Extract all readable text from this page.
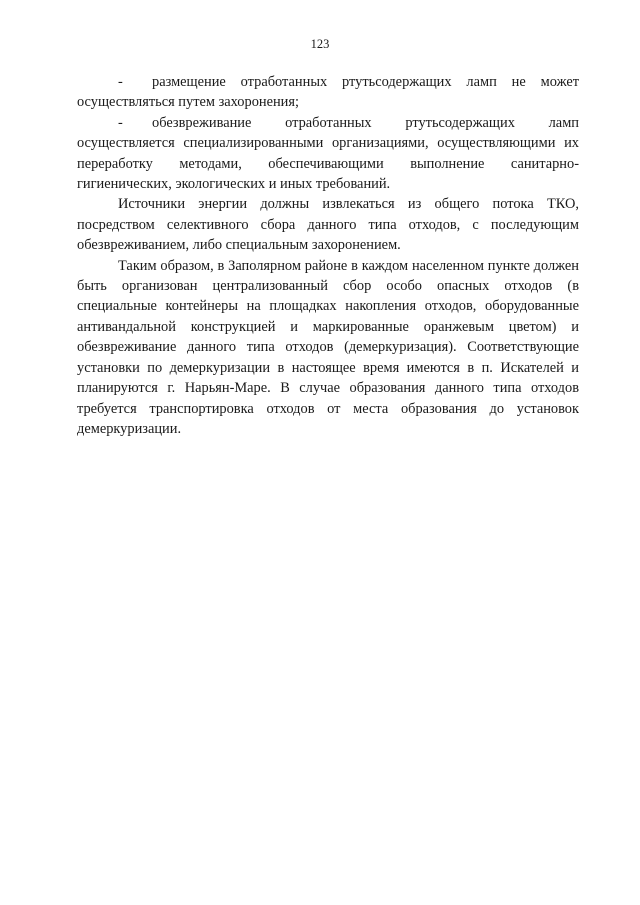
123

- размещение отработанных ртутьсодержащих ламп не может осуществляться путем захоронения;

- обезвреживание отработанных ртутьсодержащих ламп осуществляется специализированными организациями, осуществляющими их переработку методами, обеспечивающими выполнение санитарно-гигиенических, экологических и иных требований.

Источники энергии должны извлекаться из общего потока ТКО, посредством селективного сбора данного типа отходов, с последующим обезвреживанием, либо специальным захоронением.

Таким образом, в Заполярном районе в каждом населенном пункте должен быть организован централизованный сбор особо опасных отходов (в специальные контейнеры на площадках накопления отходов, оборудованные антивандальной конструкцией и маркированные оранжевым цветом) и обезвреживание данного типа отходов (демеркуризация). Соответствующие установки по демеркуризации в настоящее время имеются в п. Искателей и планируются г. Нарьян-Маре. В случае образования данного типа отходов требуется транспортировка отходов от места образования до установок демеркуризации.
